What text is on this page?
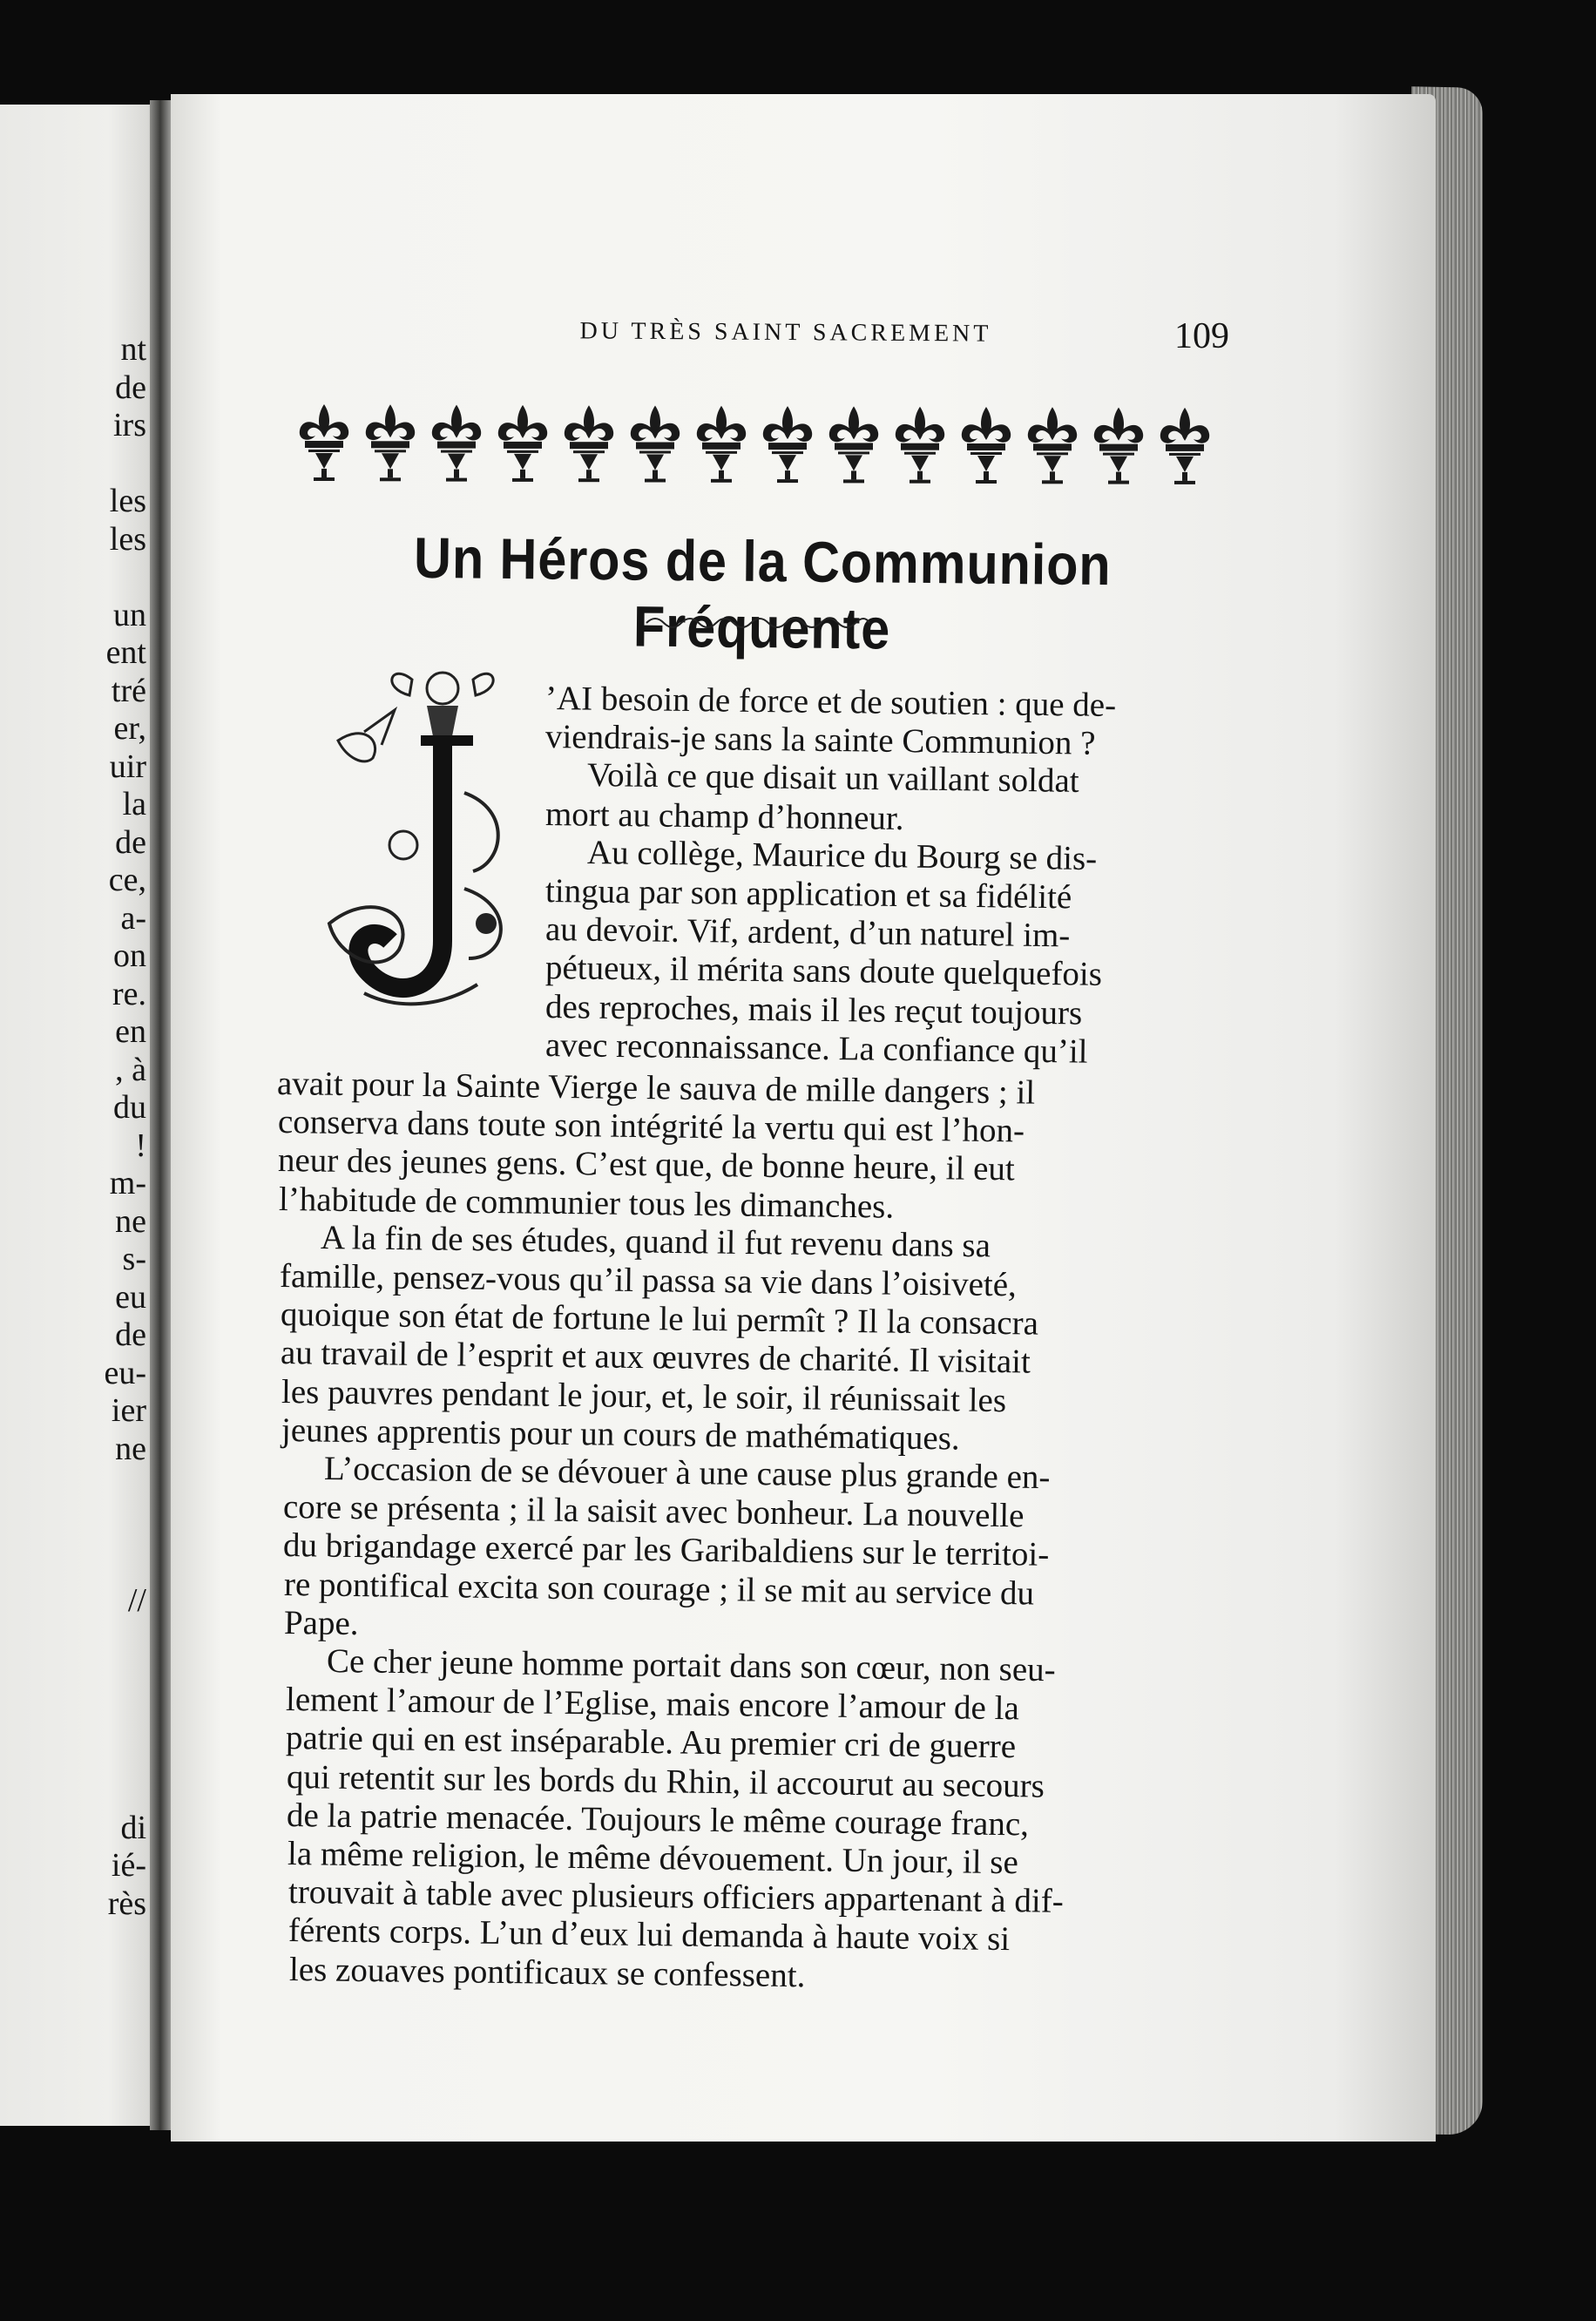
nt
de
irs
les
les
un
ent
tré
er,
uir
la
de
ce,
a-
on
re.
en
, à
du
!
m-
ne
s-
eu
de
eu-
ier
ne
//
di
ié-
rès
DU TRÈS SAINT SACREMENT	109
Un Héros de la Communion Fréquente
’AI besoin de force et de soutien : que de-
viendrais-je sans la sainte Communion ?
Voilà ce que disait un vaillant soldat
mort au champ d’honneur.
Au collège, Maurice du Bourg se dis-
tingua par son application et sa fidélité
au devoir. Vif, ardent, d’un naturel im-
pétueux, il mérita sans doute quelquefois
des reproches, mais il les reçut toujours
avec reconnaissance. La confiance qu’il
avait pour la Sainte Vierge le sauva de mille dangers ; il
conserva dans toute son intégrité la vertu qui est l’hon-
neur des jeunes gens. C’est que, de bonne heure, il eut
l’habitude de communier tous les dimanches.
A la fin de ses études, quand il fut revenu dans sa
famille, pensez-vous qu’il passa sa vie dans l’oisiveté,
quoique son état de fortune le lui permît ? Il la consacra
au travail de l’esprit et aux œuvres de charité. Il visitait
les pauvres pendant le jour, et, le soir, il réunissait les
jeunes apprentis pour un cours de mathématiques.
L’occasion de se dévouer à une cause plus grande en-
core se présenta ; il la saisit avec bonheur. La nouvelle
du brigandage exercé par les Garibaldiens sur le territoi-
re pontifical excita son courage ; il se mit au service du
Pape.
Ce cher jeune homme portait dans son cœur, non seu-
lement l’amour de l’Eglise, mais encore l’amour de la
patrie qui en est inséparable. Au premier cri de guerre
qui retentit sur les bords du Rhin, il accourut au secours
de la patrie menacée. Toujours le même courage franc,
la même religion, le même dévouement. Un jour, il se
trouvait à table avec plusieurs officiers appartenant à dif-
férents corps. L’un d’eux lui demanda à haute voix si
les zouaves pontificaux se confessent.
